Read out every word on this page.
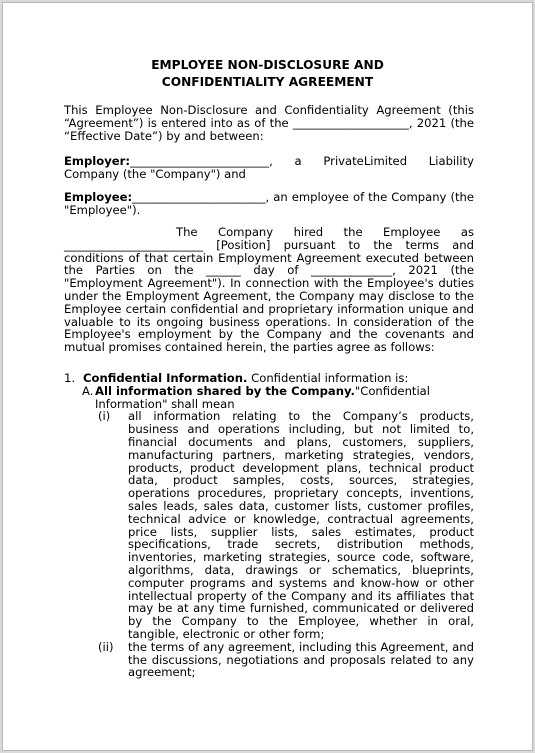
EMPLOYEE NON-DISCLOSURE AND
CONFIDENTIALITY AGREEMENT
This Employee Non-Disclosure and Confidentiality Agreement (this “Agreement”) is entered into as of the ____________________, 2021 (the “Effective Date”) by and between:
Employer:________________________, a PrivateLimited Liability Company (the "Company") and
Employee:_______________________, an employee of the Company (the "Employee").
The Company hired the Employee as ________________________ [Position] pursuant to the terms and conditions of that certain Employment Agreement executed between the Parties on the ______ day of ______________, 2021 (the "Employment Agreement"). In connection with the Employee's duties under the Employment Agreement, the Company may disclose to the Employee certain confidential and proprietary information unique and valuable to its ongoing business operations. In consideration of the Employee's employment by the Company and the covenants and mutual promises contained herein, the parties agree as follows:
1. Confidential Information. Confidential information is:
A. All information shared by the Company."Confidential Information" shall mean
(i) all information relating to the Company’s products, business and operations including, but not limited to, financial documents and plans, customers, suppliers, manufacturing partners, marketing strategies, vendors, products, product development plans, technical product data, product samples, costs, sources, strategies, operations procedures, proprietary concepts, inventions, sales leads, sales data, customer lists, customer profiles, technical advice or knowledge, contractual agreements, price lists, supplier lists, sales estimates, product specifications, trade secrets, distribution methods, inventories, marketing strategies, source code, software, algorithms, data, drawings or schematics, blueprints, computer programs and systems and know-how or other intellectual property of the Company and its affiliates that may be at any time furnished, communicated or delivered by the Company to the Employee, whether in oral, tangible, electronic or other form;
(ii) the terms of any agreement, including this Agreement, and the discussions, negotiations and proposals related to any agreement;
